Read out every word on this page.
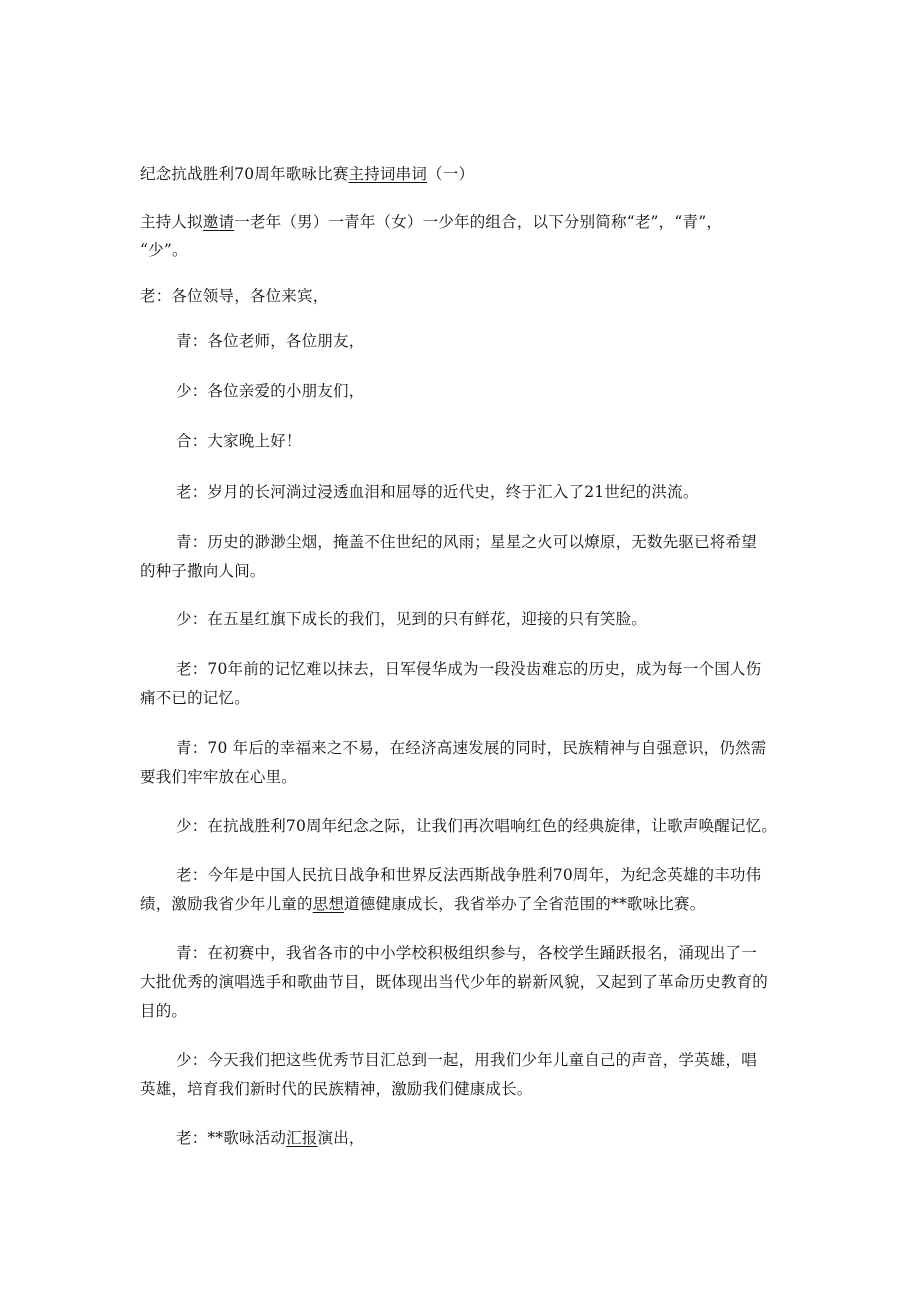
纪念抗战胜利70周年歌咏比赛主持词串词（一）
主持人拟邀请一老年（男）一青年（女）一少年的组合，以下分别简称“老”，“青”，
“少”。
老：各位领导，各位来宾，
青：各位老师，各位朋友，
少：各位亲爱的小朋友们，
合：大家晚上好！
老：岁月的长河淌过浸透血泪和屈辱的近代史，终于汇入了21世纪的洪流。
青：历史的渺渺尘烟，掩盖不住世纪的风雨；星星之火可以燎原，无数先驱已将希望
的种子撒向人间。
少：在五星红旗下成长的我们，见到的只有鲜花，迎接的只有笑脸。
老：70年前的记忆难以抹去，日军侵华成为一段没齿难忘的历史，成为每一个国人伤
痛不已的记忆。
青：70 年后的幸福来之不易，在经济高速发展的同时，民族精神与自强意识，仍然需
要我们牢牢放在心里。
少：在抗战胜利70周年纪念之际，让我们再次唱响红色的经典旋律，让歌声唤醒记忆。
老：今年是中国人民抗日战争和世界反法西斯战争胜利70周年，为纪念英雄的丰功伟
绩，激励我省少年儿童的思想道德健康成长，我省举办了全省范围的**歌咏比赛。
青：在初赛中，我省各市的中小学校积极组织参与，各校学生踊跃报名，涌现出了一
大批优秀的演唱选手和歌曲节目，既体现出当代少年的崭新风貌，又起到了革命历史教育的
目的。
少：今天我们把这些优秀节目汇总到一起，用我们少年儿童自己的声音，学英雄，唱
英雄，培育我们新时代的民族精神，激励我们健康成长。
老：**歌咏活动汇报演出，
